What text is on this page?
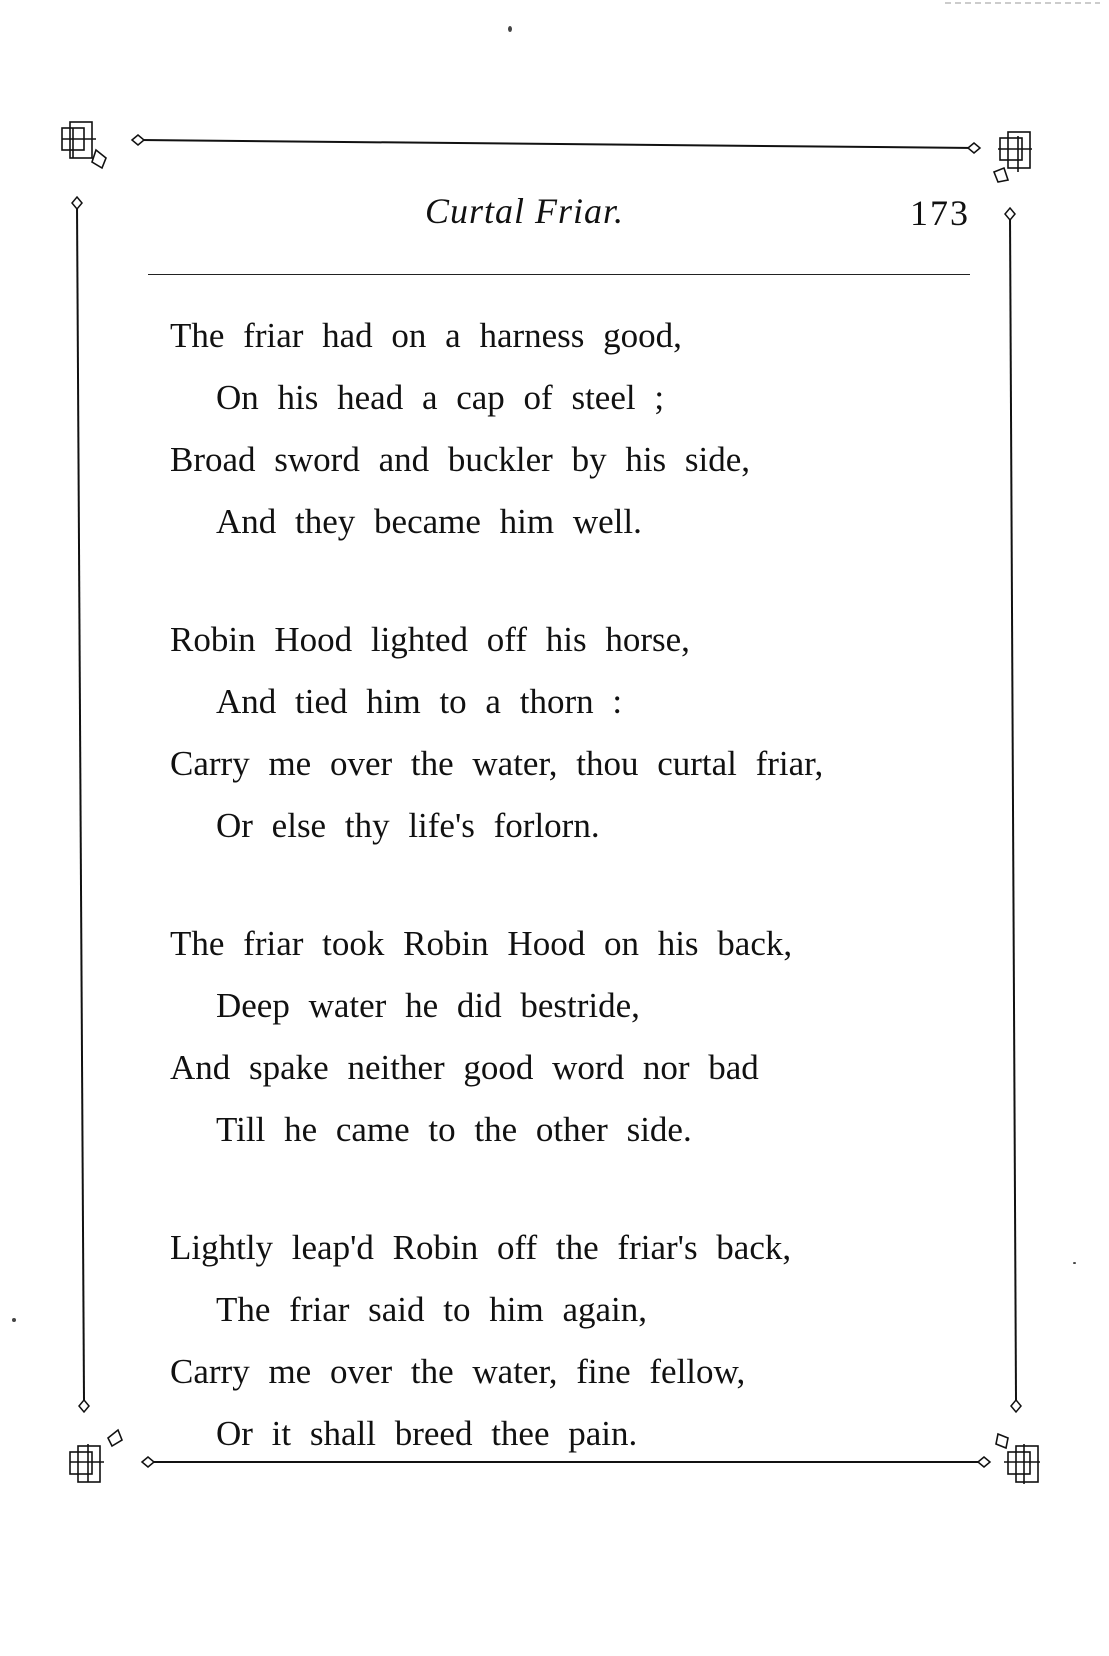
Curtal Friar.	173
The friar had on a harness good,
On his head a cap of steel ;
Broad sword and buckler by his side,
And they became him well.
Robin Hood lighted off his horse,
And tied him to a thorn :
Carry me over the water, thou curtal friar,
Or else thy life's forlorn.
The friar took Robin Hood on his back,
Deep water he did bestride,
And spake neither good word nor bad
Till he came to the other side.
Lightly leap'd Robin off the friar's back,
The friar said to him again,
Carry me over the water, fine fellow,
Or it shall breed thee pain.
